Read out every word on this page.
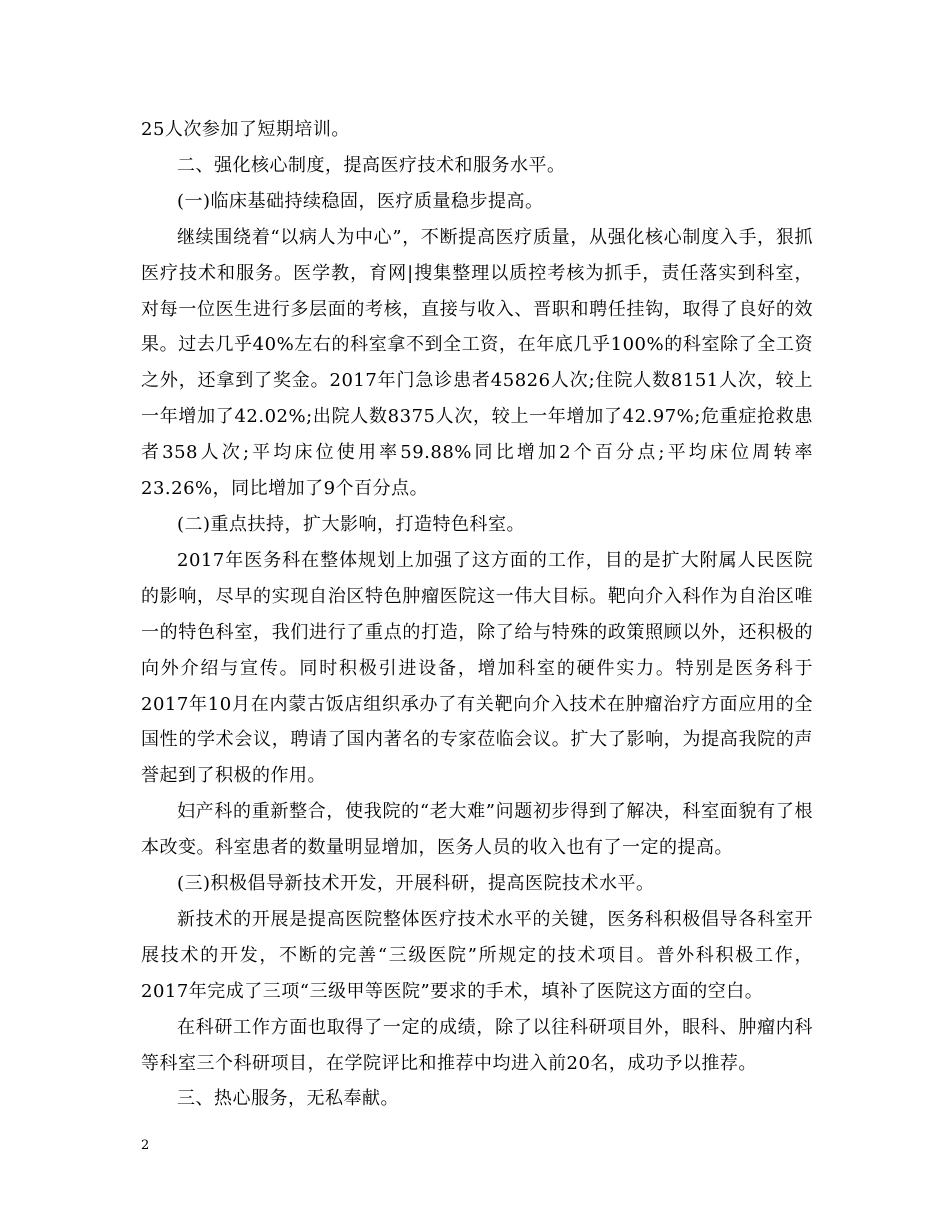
25人次参加了短期培训。

二、强化核心制度，提高医疗技术和服务水平。

(一)临床基础持续稳固，医疗质量稳步提高。

继续围绕着“以病人为中心”，不断提高医疗质量，从强化核心制度入手，狠抓医疗技术和服务。医学教，育网|搜集整理以质控考核为抓手，责任落实到科室，对每一位医生进行多层面的考核，直接与收入、晋职和聘任挂钩，取得了良好的效果。过去几乎40%左右的科室拿不到全工资，在年底几乎100%的科室除了全工资之外，还拿到了奖金。2017年门急诊患者45826人次;住院人数8151人次，较上一年增加了42.02%;出院人数8375人次，较上一年增加了42.97%;危重症抢救患者358人次;平均床位使用率59.88%同比增加2个百分点;平均床位周转率23.26%，同比增加了9个百分点。

(二)重点扶持，扩大影响，打造特色科室。

2017年医务科在整体规划上加强了这方面的工作，目的是扩大附属人民医院的影响，尽早的实现自治区特色肿瘤医院这一伟大目标。靶向介入科作为自治区唯一的特色科室，我们进行了重点的打造，除了给与特殊的政策照顾以外，还积极的向外介绍与宣传。同时积极引进设备，增加科室的硬件实力。特别是医务科于2017年10月在内蒙古饭店组织承办了有关靶向介入技术在肿瘤治疗方面应用的全国性的学术会议，聘请了国内著名的专家莅临会议。扩大了影响，为提高我院的声誉起到了积极的作用。

妇产科的重新整合，使我院的“老大难”问题初步得到了解决，科室面貌有了根本改变。科室患者的数量明显增加，医务人员的收入也有了一定的提高。

(三)积极倡导新技术开发，开展科研，提高医院技术水平。

新技术的开展是提高医院整体医疗技术水平的关键，医务科积极倡导各科室开展技术的开发，不断的完善“三级医院”所规定的技术项目。普外科积极工作，2017年完成了三项“三级甲等医院”要求的手术，填补了医院这方面的空白。

在科研工作方面也取得了一定的成绩，除了以往科研项目外，眼科、肿瘤内科等科室三个科研项目，在学院评比和推荐中均进入前20名，成功予以推荐。

三、热心服务，无私奉献。

2
